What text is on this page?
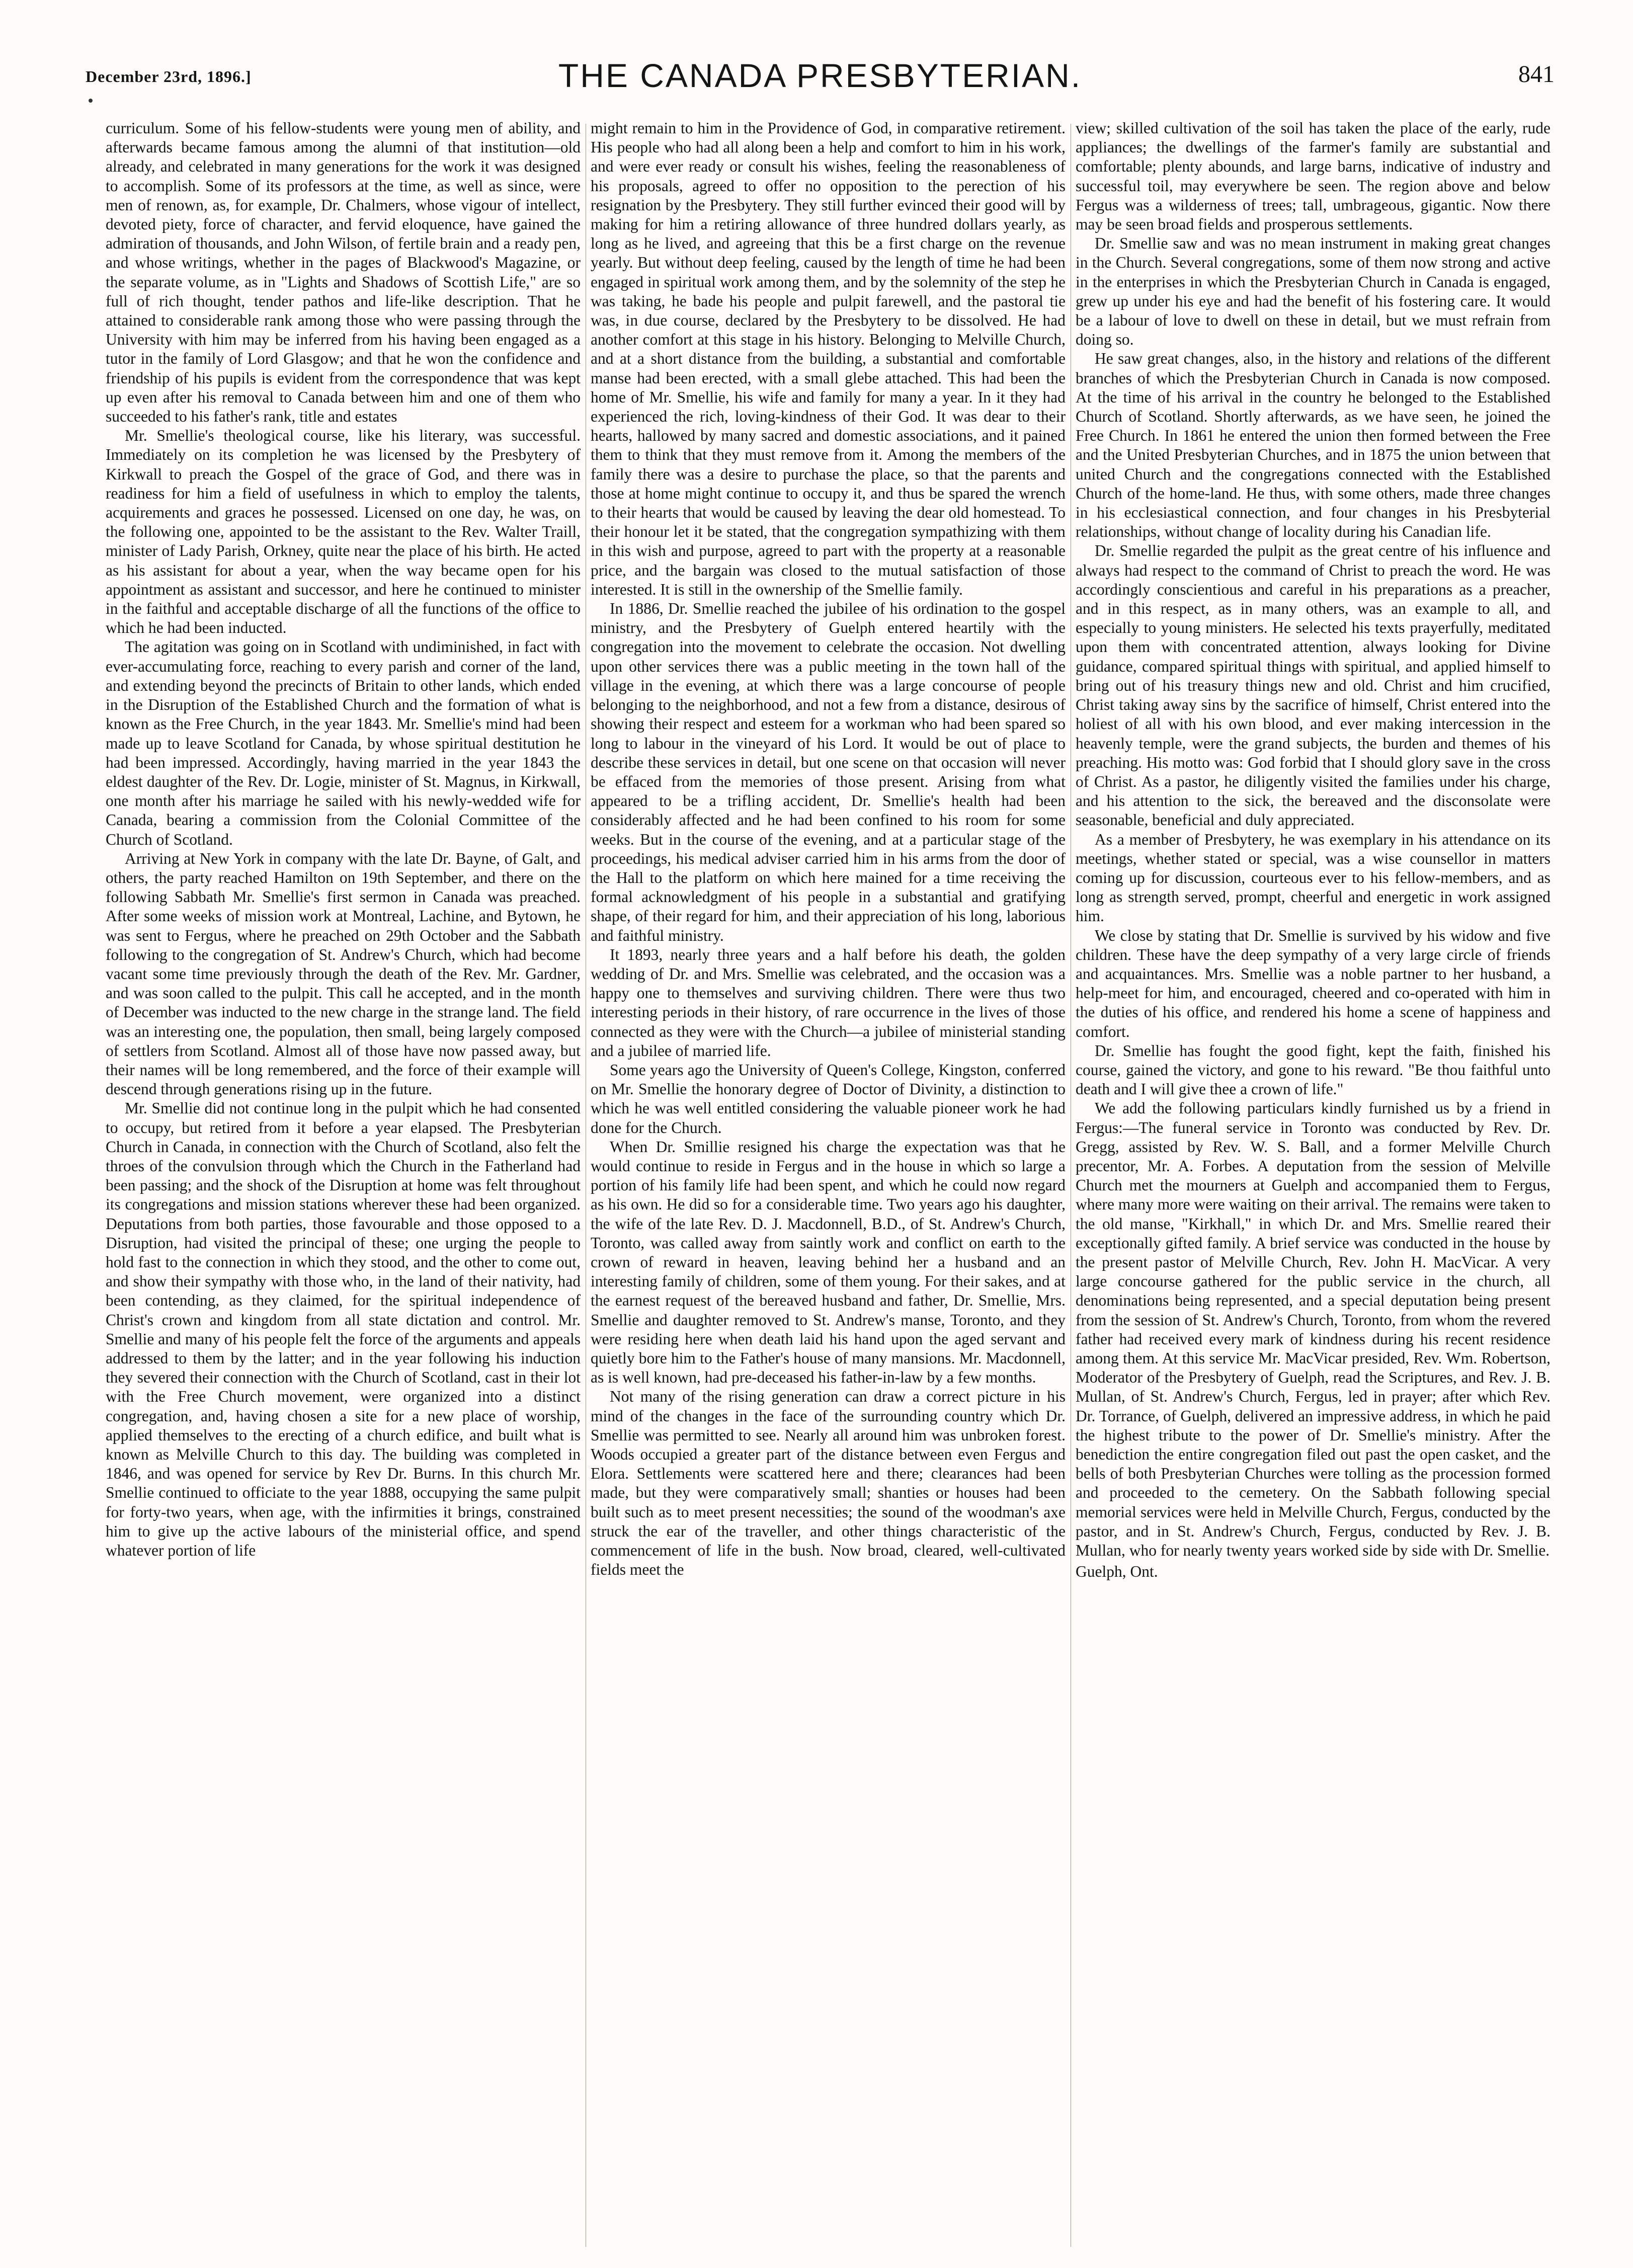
December 23rd, 1896.]	THE CANADA PRESBYTERIAN.	841

curriculum. Some of his fellow-students were young men of ability, and afterwards became famous among the alumni of that institution—old already, and celebrated in many generations for the work it was designed to accomplish. Some of its professors at the time, as well as since, were men of renown, as, for example, Dr. Chalmers, whose vigour of intellect, devoted piety, force of character, and fervid eloquence, have gained the admiration of thousands, and John Wilson, of fertile brain and a ready pen, and whose writings, whether in the pages of Blackwood's Magazine, or the separate volume, as in "Lights and Shadows of Scottish Life," are so full of rich thought, tender pathos and life-like description. That he attained to considerable rank among those who were passing through the University with him may be inferred from his having been engaged as a tutor in the family of Lord Glasgow; and that he won the confidence and friendship of his pupils is evident from the correspondence that was kept up even after his removal to Canada between him and one of them who succeeded to his father's rank, title and estates

Mr. Smellie's theological course, like his literary, was successful. Immediately on its completion he was licensed by the Presbytery of Kirkwall to preach the Gospel of the grace of God, and there was in readiness for him a field of usefulness in which to employ the talents, acquirements and graces he possessed. Licensed on one day, he was, on the following one, appointed to be the assistant to the Rev. Walter Traill, minister of Lady Parish, Orkney, quite near the place of his birth. He acted as his assistant for about a year, when the way became open for his appointment as assistant and successor, and here he continued to minister in the faithful and acceptable discharge of all the functions of the office to which he had been inducted.

The agitation was going on in Scotland with undiminished, in fact with ever-accumulating force, reaching to every parish and corner of the land, and extending beyond the precincts of Britain to other lands, which ended in the Disruption of the Established Church and the formation of what is known as the Free Church, in the year 1843. Mr. Smellie's mind had been made up to leave Scotland for Canada, by whose spiritual destitution he had been impressed. Accordingly, having married in the year 1843 the eldest daughter of the Rev. Dr. Logie, minister of St. Magnus, in Kirkwall, one month after his marriage he sailed with his newly-wedded wife for Canada, bearing a commission from the Colonial Committee of the Church of Scotland.

Arriving at New York in company with the late Dr. Bayne, of Galt, and others, the party reached Hamilton on 19th September, and there on the following Sabbath Mr. Smellie's first sermon in Canada was preached. After some weeks of mission work at Montreal, Lachine, and Bytown, he was sent to Fergus, where he preached on 29th October and the Sabbath following to the congregation of St. Andrew's Church, which had become vacant some time previously through the death of the Rev. Mr. Gardner, and was soon called to the pulpit. This call he accepted, and in the month of December was inducted to the new charge in the strange land. The field was an interesting one, the population, then small, being largely composed of settlers from Scotland. Almost all of those have now passed away, but their names will be long remembered, and the force of their example will descend through generations rising up in the future.

Mr. Smellie did not continue long in the pulpit which he had consented to occupy, but retired from it before a year elapsed. The Presbyterian Church in Canada, in connection with the Church of Scotland, also felt the throes of the convulsion through which the Church in the Fatherland had been passing; and the shock of the Disruption at home was felt throughout its congregations and mission stations wherever these had been organized. Deputations from both parties, those favourable and those opposed to a Disruption, had visited the principal of these; one urging the people to hold fast to the connection in which they stood, and the other to come out, and show their sympathy with those who, in the land of their nativity, had been contending, as they claimed, for the spiritual independence of Christ's crown and kingdom from all state dictation and control. Mr. Smellie and many of his people felt the force of the arguments and appeals addressed to them by the latter; and in the year following his induction they severed their connection with the Church of Scotland, cast in their lot with the Free Church movement, were organized into a distinct congregation, and, having chosen a site for a new place of worship, applied themselves to the erecting of a church edifice, and built what is known as Melville Church to this day. The building was completed in 1846, and was opened for service by Rev Dr. Burns. In this church Mr. Smellie continued to officiate to the year 1888, occupying the same pulpit for forty-two years, when age, with the infirmities it brings, constrained him to give up the active labours of the ministerial office, and spend whatever portion of life

might remain to him in the Providence of God, in comparative retirement. His people who had all along been a help and comfort to him in his work, and were ever ready or consult his wishes, feeling the reasonableness of his proposals, agreed to offer no opposition to the perection of his resignation by the Presbytery. They still further evinced their good will by making for him a retiring allowance of three hundred dollars yearly, as long as he lived, and agreeing that this be a first charge on the revenue yearly. But without deep feeling, caused by the length of time he had been engaged in spiritual work among them, and by the solemnity of the step he was taking, he bade his people and pulpit farewell, and the pastoral tie was, in due course, declared by the Presbytery to be dissolved. He had another comfort at this stage in his history. Belonging to Melville Church, and at a short distance from the building, a substantial and comfortable manse had been erected, with a small glebe attached. This had been the home of Mr. Smellie, his wife and family for many a year. In it they had experienced the rich, loving-kindness of their God. It was dear to their hearts, hallowed by many sacred and domestic associations, and it pained them to think that they must remove from it. Among the members of the family there was a desire to purchase the place, so that the parents and those at home might continue to occupy it, and thus be spared the wrench to their hearts that would be caused by leaving the dear old homestead. To their honour let it be stated, that the congregation sympathizing with them in this wish and purpose, agreed to part with the property at a reasonable price, and the bargain was closed to the mutual satisfaction of those interested. It is still in the ownership of the Smellie family.

In 1886, Dr. Smellie reached the jubilee of his ordination to the gospel ministry, and the Presbytery of Guelph entered heartily with the congregation into the movement to celebrate the occasion. Not dwelling upon other services there was a public meeting in the town hall of the village in the evening, at which there was a large concourse of people belonging to the neighborhood, and not a few from a distance, desirous of showing their respect and esteem for a workman who had been spared so long to labour in the vineyard of his Lord. It would be out of place to describe these services in detail, but one scene on that occasion will never be effaced from the memories of those present. Arising from what appeared to be a trifling accident, Dr. Smellie's health had been considerably affected and he had been confined to his room for some weeks. But in the course of the evening, and at a particular stage of the proceedings, his medical adviser carried him in his arms from the door of the Hall to the platform on which here mained for a time receiving the formal acknowledgment of his people in a substantial and gratifying shape, of their regard for him, and their appreciation of his long, laborious and faithful ministry.

It 1893, nearly three years and a half before his death, the golden wedding of Dr. and Mrs. Smellie was celebrated, and the occasion was a happy one to themselves and surviving children. There were thus two interesting periods in their history, of rare occurrence in the lives of those connected as they were with the Church—a jubilee of ministerial standing and a jubilee of married life.

Some years ago the University of Queen's College, Kingston, conferred on Mr. Smellie the honorary degree of Doctor of Divinity, a distinction to which he was well entitled considering the valuable pioneer work he had done for the Church.

When Dr. Smillie resigned his charge the expectation was that he would continue to reside in Fergus and in the house in which so large a portion of his family life had been spent, and which he could now regard as his own. He did so for a considerable time. Two years ago his daughter, the wife of the late Rev. D. J. Macdonnell, B.D., of St. Andrew's Church, Toronto, was called away from saintly work and conflict on earth to the crown of reward in heaven, leaving behind her a husband and an interesting family of children, some of them young. For their sakes, and at the earnest request of the bereaved husband and father, Dr. Smellie, Mrs. Smellie and daughter removed to St. Andrew's manse, Toronto, and they were residing here when death laid his hand upon the aged servant and quietly bore him to the Father's house of many mansions. Mr. Macdonnell, as is well known, had pre-deceased his father-in-law by a few months.

Not many of the rising generation can draw a correct picture in his mind of the changes in the face of the surrounding country which Dr. Smellie was permitted to see. Nearly all around him was unbroken forest. Woods occupied a greater part of the distance between even Fergus and Elora. Settlements were scattered here and there; clearances had been made, but they were comparatively small; shanties or houses had been built such as to meet present necessities; the sound of the woodman's axe struck the ear of the traveller, and other things characteristic of the commencement of life in the bush. Now broad, cleared, well-cultivated fields meet the

view; skilled cultivation of the soil has taken the place of the early, rude appliances; the dwellings of the farmer's family are substantial and comfortable; plenty abounds, and large barns, indicative of industry and successful toil, may everywhere be seen. The region above and below Fergus was a wilderness of trees; tall, umbrageous, gigantic. Now there may be seen broad fields and prosperous settlements.

Dr. Smellie saw and was no mean instrument in making great changes in the Church. Several congregations, some of them now strong and active in the enterprises in which the Presbyterian Church in Canada is engaged, grew up under his eye and had the benefit of his fostering care. It would be a labour of love to dwell on these in detail, but we must refrain from doing so.

He saw great changes, also, in the history and relations of the different branches of which the Presbyterian Church in Canada is now composed. At the time of his arrival in the country he belonged to the Established Church of Scotland. Shortly afterwards, as we have seen, he joined the Free Church. In 1861 he entered the union then formed between the Free and the United Presbyterian Churches, and in 1875 the union between that united Church and the congregations connected with the Established Church of the home-land. He thus, with some others, made three changes in his ecclesiastical connection, and four changes in his Presbyterial relationships, without change of locality during his Canadian life.

Dr. Smellie regarded the pulpit as the great centre of his influence and always had respect to the command of Christ to preach the word. He was accordingly conscientious and careful in his preparations as a preacher, and in this respect, as in many others, was an example to all, and especially to young ministers. He selected his texts prayerfully, meditated upon them with concentrated attention, always looking for Divine guidance, compared spiritual things with spiritual, and applied himself to bring out of his treasury things new and old. Christ and him crucified, Christ taking away sins by the sacrifice of himself, Christ entered into the holiest of all with his own blood, and ever making intercession in the heavenly temple, were the grand subjects, the burden and themes of his preaching. His motto was: God forbid that I should glory save in the cross of Christ. As a pastor, he diligently visited the families under his charge, and his attention to the sick, the bereaved and the disconsolate were seasonable, beneficial and duly appreciated.

As a member of Presbytery, he was exemplary in his attendance on its meetings, whether stated or special, was a wise counsellor in matters coming up for discussion, courteous ever to his fellow-members, and as long as strength served, prompt, cheerful and energetic in work assigned him.

We close by stating that Dr. Smellie is survived by his widow and five children. These have the deep sympathy of a very large circle of friends and acquaintances. Mrs. Smellie was a noble partner to her husband, a help-meet for him, and encouraged, cheered and co-operated with him in the duties of his office, and rendered his home a scene of happiness and comfort.

Dr. Smellie has fought the good fight, kept the faith, finished his course, gained the victory, and gone to his reward. "Be thou faithful unto death and I will give thee a crown of life."

We add the following particulars kindly furnished us by a friend in Fergus:—The funeral service in Toronto was conducted by Rev. Dr. Gregg, assisted by Rev. W. S. Ball, and a former Melville Church precentor, Mr. A. Forbes. A deputation from the session of Melville Church met the mourners at Guelph and accompanied them to Fergus, where many more were waiting on their arrival. The remains were taken to the old manse, "Kirkhall," in which Dr. and Mrs. Smellie reared their exceptionally gifted family. A brief service was conducted in the house by the present pastor of Melville Church, Rev. John H. MacVicar. A very large concourse gathered for the public service in the church, all denominations being represented, and a special deputation being present from the session of St. Andrew's Church, Toronto, from whom the revered father had received every mark of kindness during his recent residence among them. At this service Mr. MacVicar presided, Rev. Wm. Robertson, Moderator of the Presbytery of Guelph, read the Scriptures, and Rev. J. B. Mullan, of St. Andrew's Church, Fergus, led in prayer; after which Rev. Dr. Torrance, of Guelph, delivered an impressive address, in which he paid the highest tribute to the power of Dr. Smellie's ministry. After the benediction the entire congregation filed out past the open casket, and the bells of both Presbyterian Churches were tolling as the procession formed and proceeded to the cemetery. On the Sabbath following special memorial services were held in Melville Church, Fergus, conducted by the pastor, and in St. Andrew's Church, Fergus, conducted by Rev. J. B. Mullan, who for nearly twenty years worked side by side with Dr. Smellie.

Guelph, Ont.
